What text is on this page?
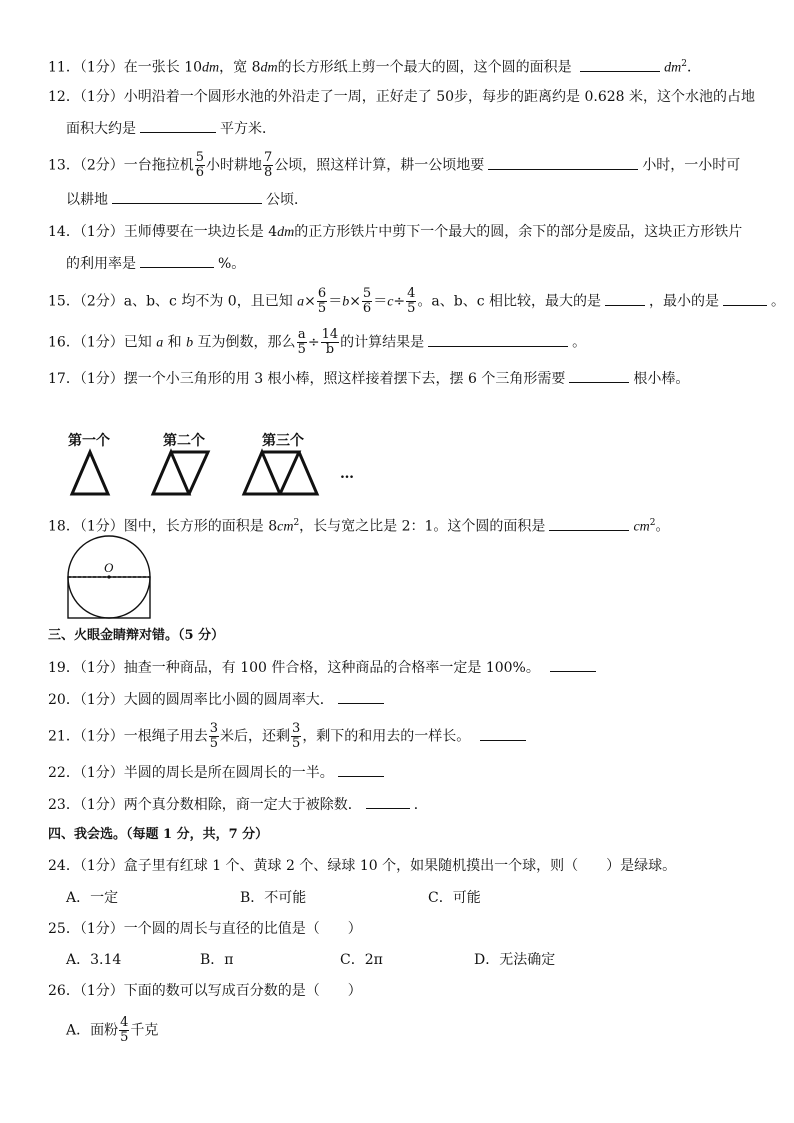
11．（1分）在一张长 10dm，宽 8dm的长方形纸上剪一个最大的圆，这个圆的面积是	$dm^2$．
12．（1分）小明沿着一个圆形水池的外沿走了一周，正好走了 50步，每步的距离约是 0.628 米，这个水池的占地
面积大约是	平方米．
13．（2分）一台拖拉机 $\frac{5}{6}$ 小时耕地 $\frac{7}{8}$ 公顷，照这样计算，耕一公顷地要	小时，一小时可
以耕地	公顷．
14．（1分）王师傅要在一块边长是 4dm的正方形铁片中剪下一个最大的圆，余下的部分是废品，这块正方形铁片
的利用率是	%。
15．（2分）a、b、c 均不为 0，且已知 $a\times \frac{6}{5} =b\times \frac{5}{6} =c\div \frac{4}{5}$ 。a、b、c 相比较，最大的是	，最小的是	。
16．（1分）已知 a 和 b 互为倒数，那么 $\frac{a}{5} \div \frac{14}{b}$ 的计算结果是	。
17．（1分）摆一个小三角形的用 3 根小棒，照这样接着摆下去，摆 6 个三角形需要	根小棒。
第一个	第二个	第三个
…
18．（1分）图中，长方形的面积是 $8cm^2$，长与宽之比是 2：1。这个圆的面积是	$cm^2$。
O
三、火眼金睛辩对错。（5 分）
19．（1分）抽查一种商品，有 100 件合格，这种商品的合格率一定是 100%。
20．（1分）大圆的圆周率比小圆的圆周率大．
21．（1分）一根绳子用去 $\frac{3}{5}$ 米后，还剩 $\frac{3}{5}$ ，剩下的和用去的一样长。
22．（1分）半圆的周长是所在圆周长的一半。
23．（1分）两个真分数相除，商一定大于被除数．	．
四、我会选。（每题 1 分，共，7 分）
24．（1分）盒子里有红球 1 个、黄球 2 个、绿球 10 个，如果随机摸出一个球，则（　　）是绿球。
A．一定	B．不可能	C．可能
25．（1分）一个圆的周长与直径的比值是（　　）
A．3.14	B．π	C．2π	D．无法确定
26．（1分）下面的数可以写成百分数的是（　　）
A．面粉 $\frac{4}{5}$ 千克
